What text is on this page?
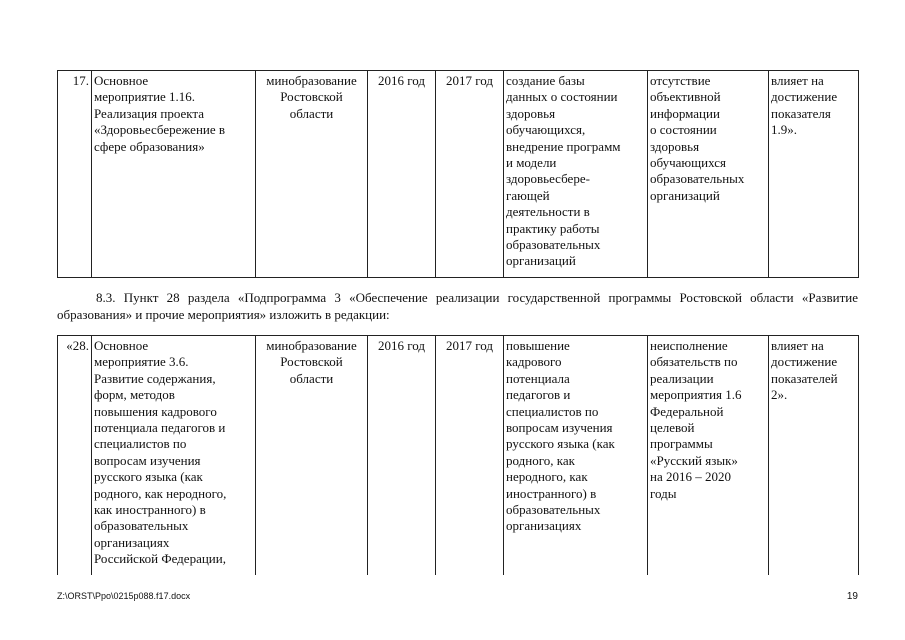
17.	Основное
мероприятие 1.16.
Реализация проекта
«Здоровьесбережение в
сфере образования»	минобразование
Ростовской
области	2016 год	2017 год	создание базы
данных о состоянии
здоровья
обучающихся,
внедрение программ
и модели
здоровьесбере-
гающей
деятельности в
практику работы
образовательных
организаций	отсутствие
объективной
информации
о состоянии
здоровья
обучающихся
образовательных
организаций	влияет на
достижение
показателя
1.9».

8.3. Пункт 28 раздела «Подпрограмма 3 «Обеспечение реализации государственной программы Ростовской области «Развитие образования» и прочие мероприятия» изложить в редакции:

«28.	Основное
мероприятие 3.6.
Развитие содержания,
форм, методов
повышения кадрового
потенциала педагогов и
специалистов по
вопросам изучения
русского языка (как
родного, как неродного,
как иностранного) в
образовательных
организациях
Российской Федерации,	минобразование
Ростовской
области	2016 год	2017 год	повышение
кадрового
потенциала
педагогов и
специалистов по
вопросам изучения
русского языка (как
родного, как
неродного, как
иностранного) в
образовательных
организациях	неисполнение
обязательств по
реализации
мероприятия 1.6
Федеральной
целевой
программы
«Русский язык»
на 2016 – 2020
годы	влияет на
достижение
показателей
2».
Z:\ORST\Ppo\0215p088.f17.docx	19
